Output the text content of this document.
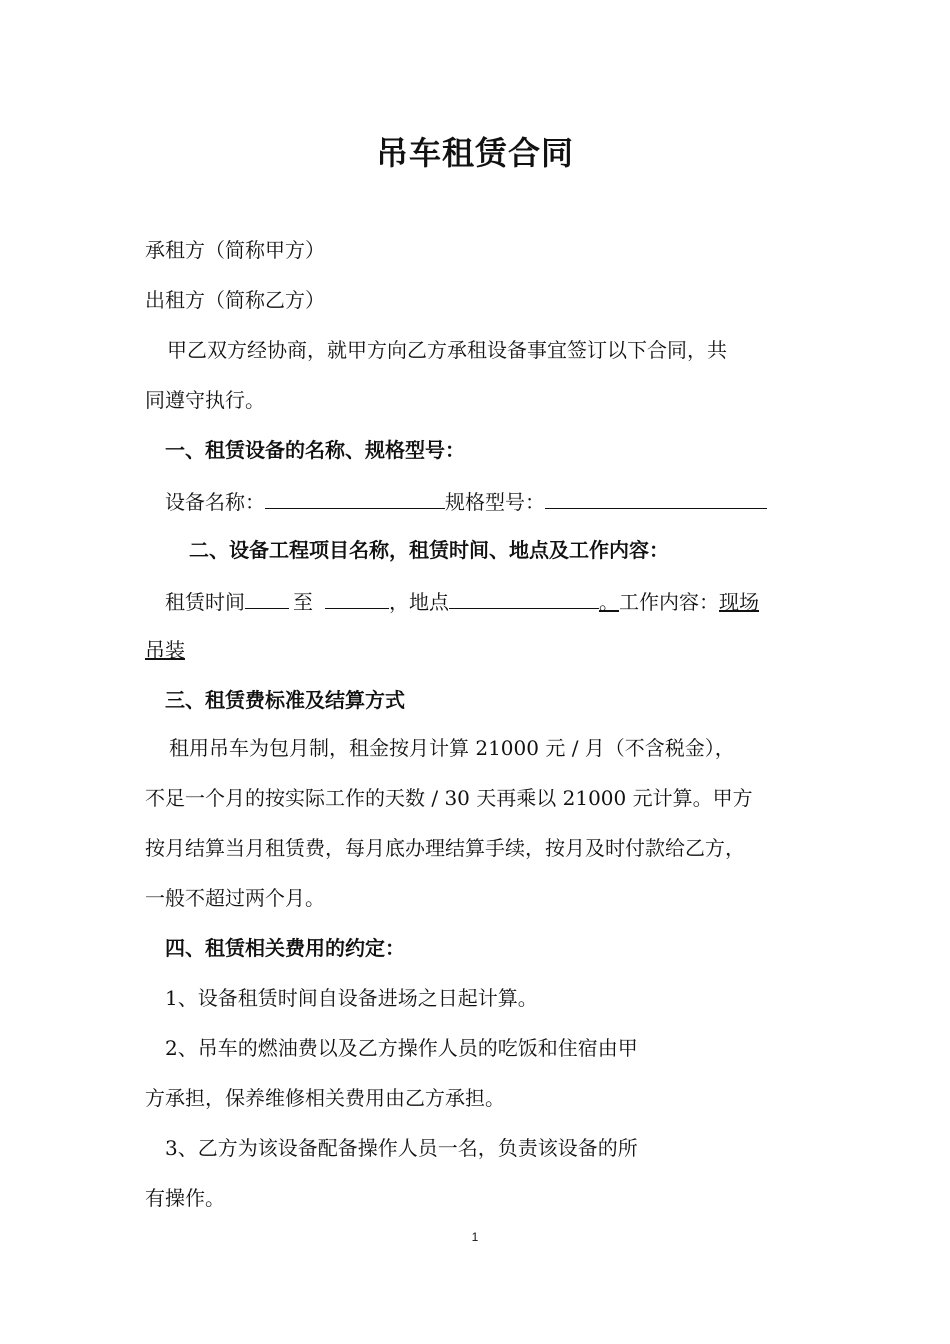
吊车租赁合同
承租方（简称甲方）
出租方（简称乙方）
甲乙双方经协商，就甲方向乙方承租设备事宜签订以下合同，共
同遵守执行。
一、租赁设备的名称、规格型号：
设备名称：	规格型号：
二、设备工程项目名称，租赁时间、地点及工作内容：
租赁时间 至	，地点	。工作内容：现场
吊装
三、租赁费标准及结算方式
租用吊车为包月制，租金按月计算 21000 元 / 月（不含税金），
不足一个月的按实际工作的天数 / 30 天再乘以 21000 元计算。甲方
按月结算当月租赁费，每月底办理结算手续，按月及时付款给乙方，
一般不超过两个月。
四、租赁相关费用的约定：
1、设备租赁时间自设备进场之日起计算。
2、吊车的燃油费以及乙方操作人员的吃饭和住宿由甲
方承担，保养维修相关费用由乙方承担。
3、乙方为该设备配备操作人员一名，负责该设备的所
有操作。
1
